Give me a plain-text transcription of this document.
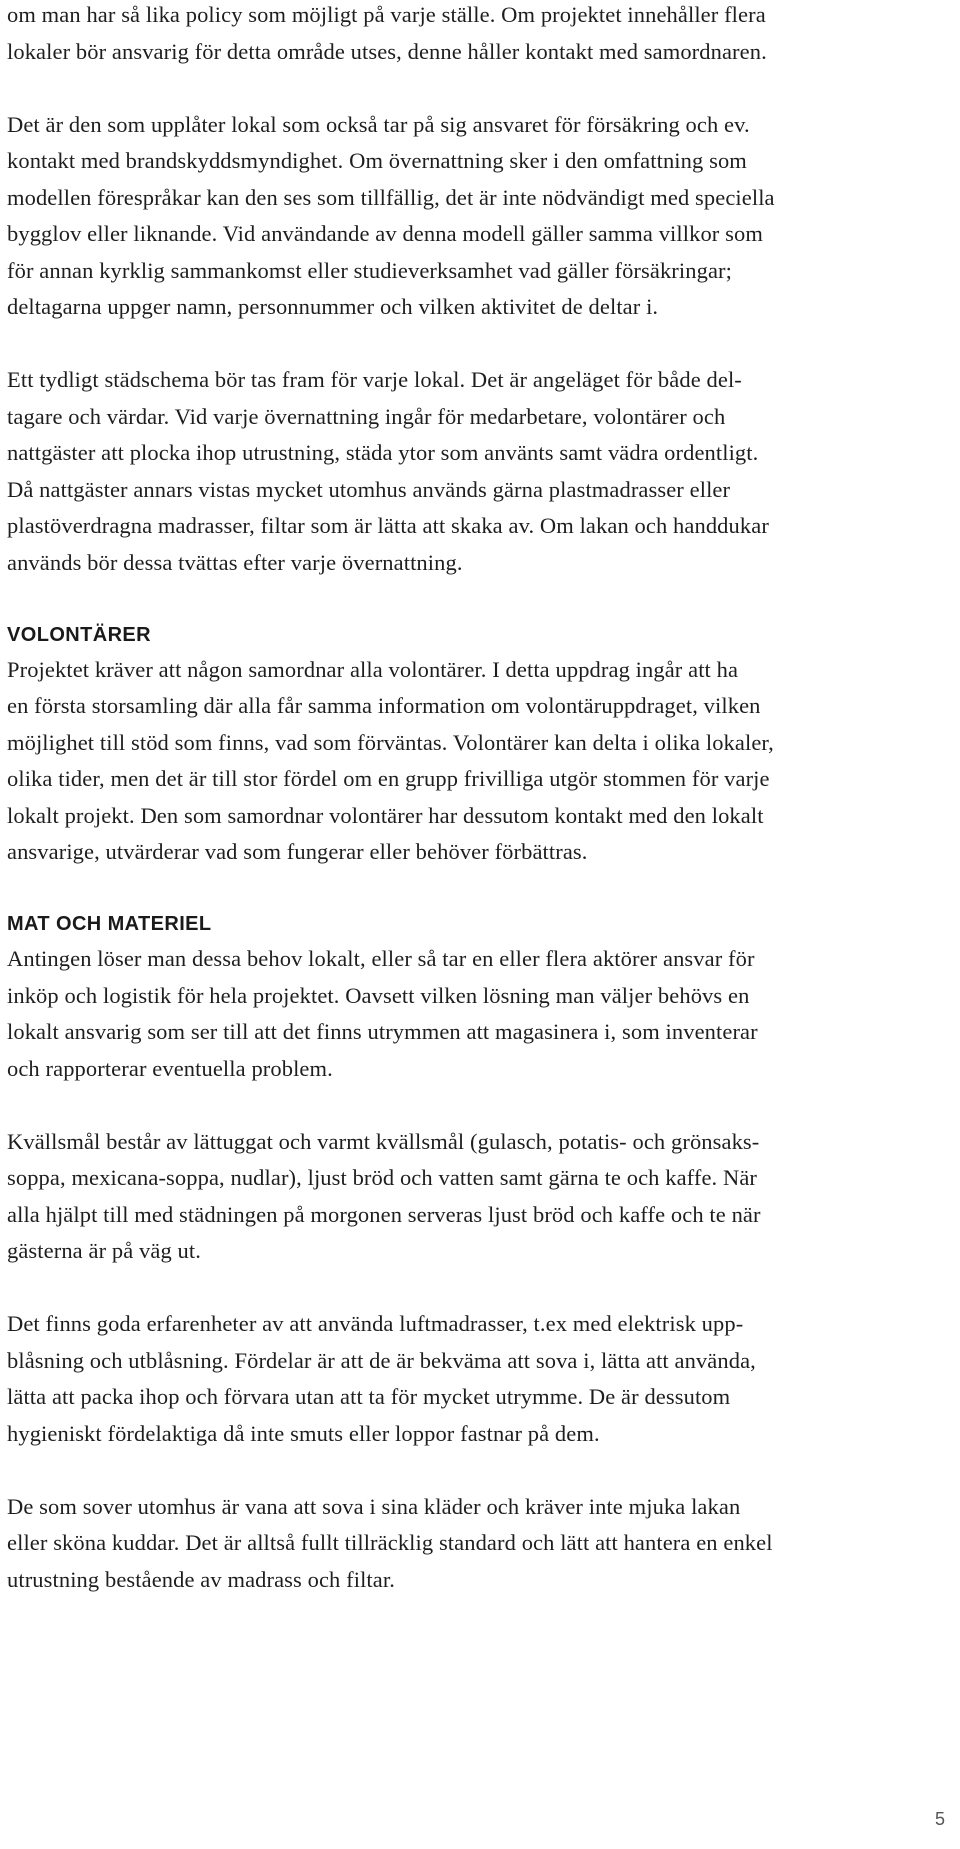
om man har så lika policy som möjligt på varje ställe. Om projektet innehåller flera
lokaler bör ansvarig för detta område utses, denne håller kontakt med samordnaren.

Det är den som upplåter lokal som också tar på sig ansvaret för försäkring och ev.
kontakt med brandskyddsmyndighet. Om övernattning sker i den omfattning som
modellen förespråkar kan den ses som tillfällig, det är inte nödvändigt med speciella
bygglov eller liknande. Vid användande av denna modell gäller samma villkor som
för annan kyrklig sammankomst eller studieverksamhet vad gäller försäkringar;
deltagarna uppger namn, personnummer och vilken aktivitet de deltar i.

Ett tydligt städschema bör tas fram för varje lokal. Det är angeläget för både del-
tagare och värdar. Vid varje övernattning ingår för medarbetare, volontärer och
nattgäster att plocka ihop utrustning, städa ytor som använts samt vädra ordentligt.
Då nattgäster annars vistas mycket utomhus används gärna plastmadrasser eller
plastöverdragna madrasser, filtar som är lätta att skaka av. Om lakan och handdukar
används bör dessa tvättas efter varje övernattning.

VOLONTÄRER

Projektet kräver att någon samordnar alla volontärer. I detta uppdrag ingår att ha
en första storsamling där alla får samma information om volontäruppdraget, vilken
möjlighet till stöd som finns, vad som förväntas. Volontärer kan delta i olika lokaler,
olika tider, men det är till stor fördel om en grupp frivilliga utgör stommen för varje
lokalt projekt. Den som samordnar volontärer har dessutom kontakt med den lokalt
ansvarige, utvärderar vad som fungerar eller behöver förbättras.

MAT OCH MATERIEL

Antingen löser man dessa behov lokalt, eller så tar en eller flera aktörer ansvar för
inköp och logistik för hela projektet. Oavsett vilken lösning man väljer behövs en
lokalt ansvarig som ser till att det finns utrymmen att magasinera i, som inventerar
och rapporterar eventuella problem.

Kvällsmål består av lättuggat och varmt kvällsmål (gulasch, potatis- och grönsaks-
soppa, mexicana-soppa, nudlar), ljust bröd och vatten samt gärna te och kaffe. När
alla hjälpt till med städningen på morgonen serveras ljust bröd och kaffe och te när
gästerna är på väg ut.

Det finns goda erfarenheter av att använda luftmadrasser, t.ex med elektrisk upp-
blåsning och utblåsning. Fördelar är att de är bekväma att sova i, lätta att använda,
lätta att packa ihop och förvara utan att ta för mycket utrymme. De är dessutom
hygieniskt fördelaktiga då inte smuts eller loppor fastnar på dem.

De som sover utomhus är vana att sova i sina kläder och kräver inte mjuka lakan
eller sköna kuddar. Det är alltså fullt tillräcklig standard och lätt att hantera en enkel
utrustning bestående av madrass och filtar.

5
